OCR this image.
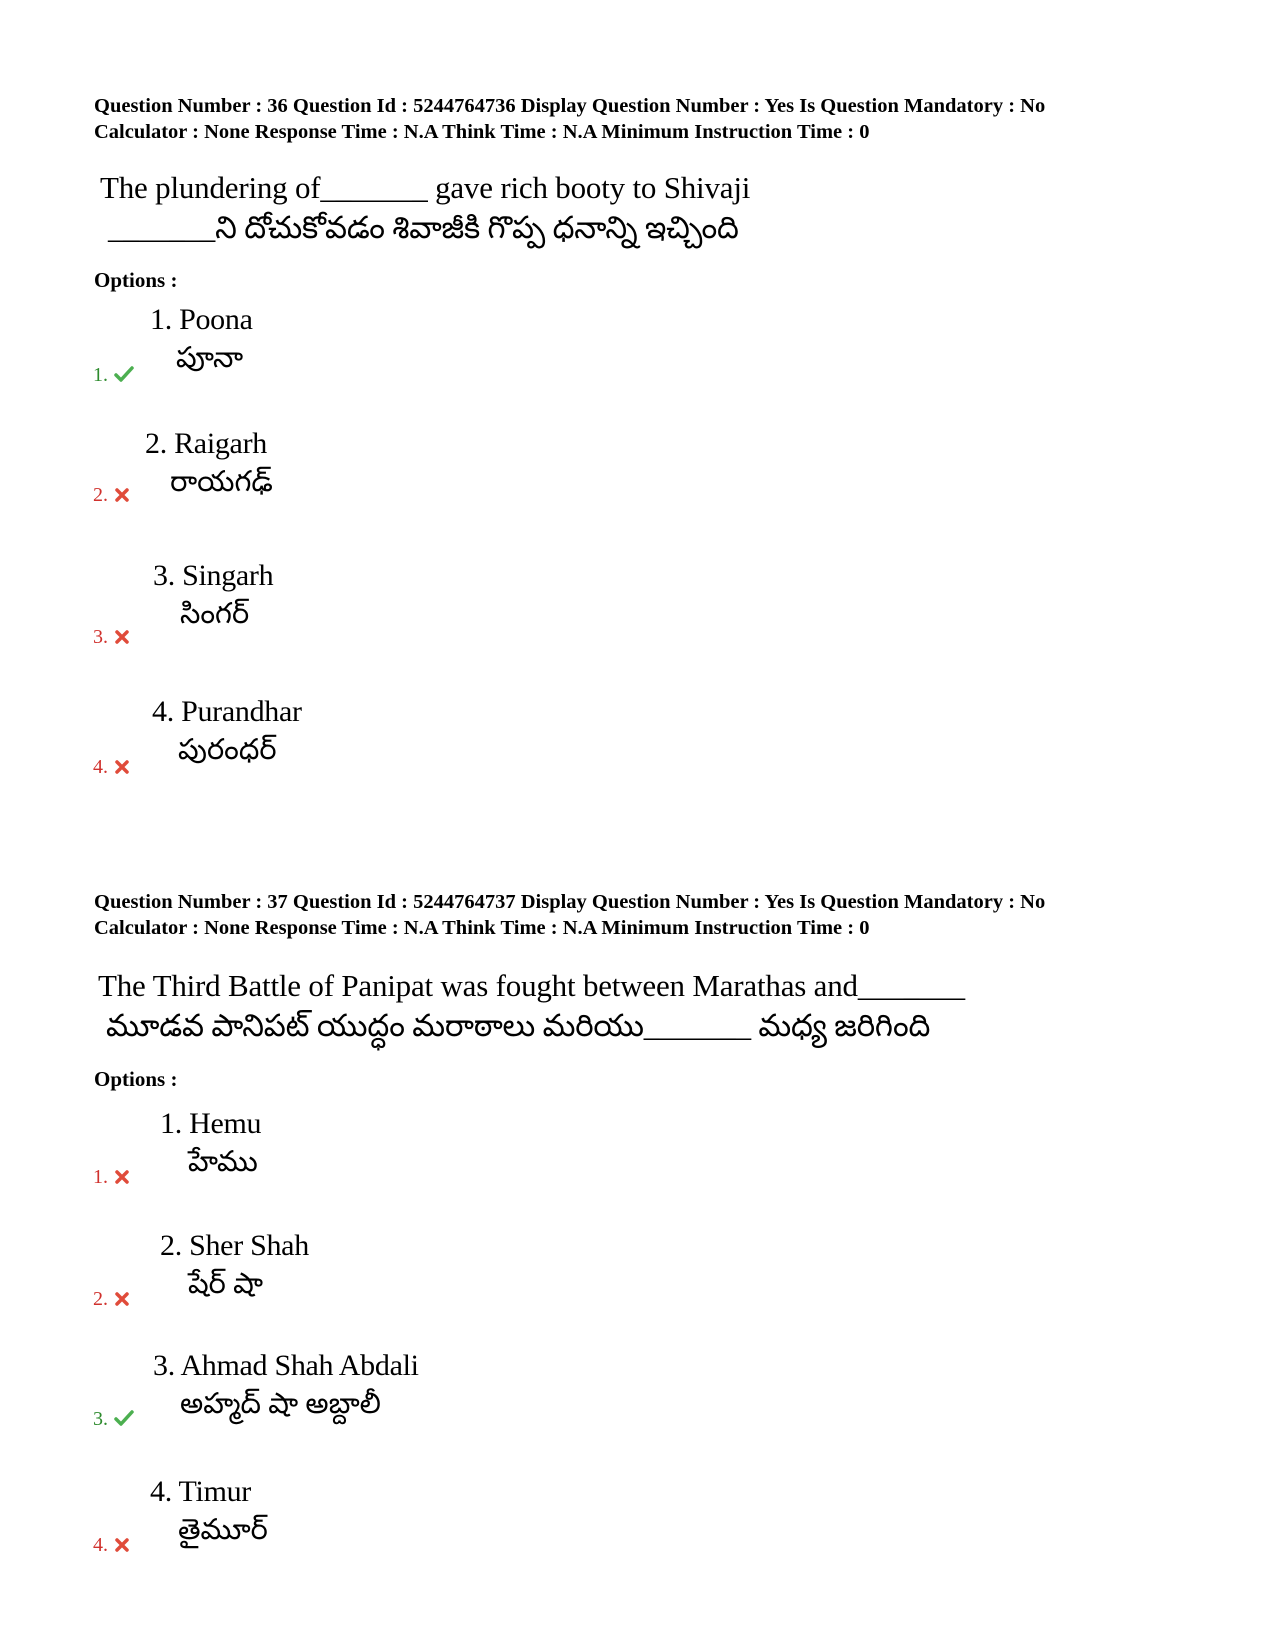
Question Number : 36 Question Id : 5244764736 Display Question Number : Yes Is Question Mandatory : No
Calculator : None Response Time : N.A Think Time : N.A Minimum Instruction Time : 0
The plundering of_______ gave rich booty to Shivaji
_______ని దోచుకోవడం శివాజీకి గొప్ప ధనాన్ని ఇచ్చింది
Options :
1. Poona
పూనా
1.
2. Raigarh
రాయగఢ్
2.
3. Singarh
సింగర్
3.
4. Purandhar
పురంధర్
4.
Question Number : 37 Question Id : 5244764737 Display Question Number : Yes Is Question Mandatory : No
Calculator : None Response Time : N.A Think Time : N.A Minimum Instruction Time : 0
The Third Battle of Panipat was fought between Marathas and_______
మూడవ పానిపట్ యుద్ధం మరాఠాలు మరియు_______ మధ్య జరిగింది
Options :
1. Hemu
హేము
1.
2. Sher Shah
షేర్ షా
2.
3. Ahmad Shah Abdali
అహ్మద్ షా అబ్దాలీ
3.
4. Timur
తైమూర్
4.
